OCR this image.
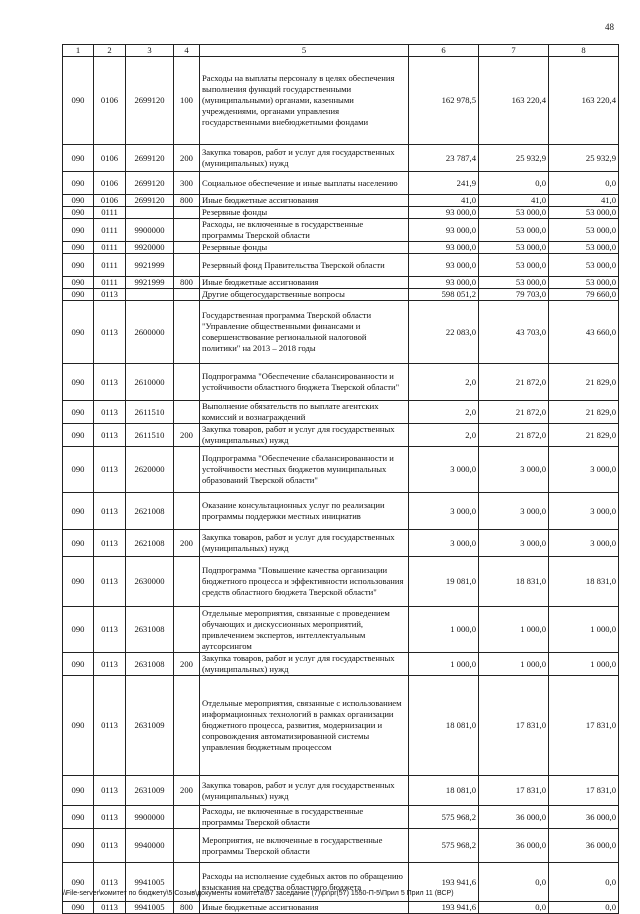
48
1	2	3	4	5	6	7	8
090	0106	2699120	100	Расходы на выплаты персоналу в целях обеспечения выполнения функций государственными (муниципальными) органами, казенными учреждениями, органами управления государственными внебюджетными фондами	162 978,5	163 220,4	163 220,4
090	0106	2699120	200	Закупка товаров, работ и услуг для государственных (муниципальных) нужд	23 787,4	25 932,9	25 932,9
090	0106	2699120	300	Социальное обеспечение и иные выплаты населению	241,9	0,0	0,0
090	0106	2699120	800	Иные бюджетные ассигнования	41,0	41,0	41,0
090	0111			Резервные фонды	93 000,0	53 000,0	53 000,0
090	0111	9900000		Расходы, не включенные в государственные программы Тверской области	93 000,0	53 000,0	53 000,0
090	0111	9920000		Резервные фонды	93 000,0	53 000,0	53 000,0
090	0111	9921999		Резервный фонд Правительства Тверской области	93 000,0	53 000,0	53 000,0
090	0111	9921999	800	Иные бюджетные ассигнования	93 000,0	53 000,0	53 000,0
090	0113			Другие общегосударственные вопросы	598 051,2	79 703,0	79 660,0
090	0113	2600000		Государственная программа Тверской области "Управление общественными финансами и совершенствование региональной налоговой политики" на 2013 – 2018 годы	22 083,0	43 703,0	43 660,0
090	0113	2610000		Подпрограмма "Обеспечение сбалансированности и устойчивости областного бюджета Тверской области"	2,0	21 872,0	21 829,0
090	0113	2611510		Выполнение обязательств по выплате агентских комиссий и вознаграждений	2,0	21 872,0	21 829,0
090	0113	2611510	200	Закупка товаров, работ и услуг для государственных (муниципальных) нужд	2,0	21 872,0	21 829,0
090	0113	2620000		Подпрограмма "Обеспечение сбалансированности и устойчивости местных бюджетов муниципальных образований Тверской области"	3 000,0	3 000,0	3 000,0
090	0113	2621008		Оказание консультационных услуг по реализации программы поддержки местных инициатив	3 000,0	3 000,0	3 000,0
090	0113	2621008	200	Закупка товаров, работ и услуг для государственных (муниципальных) нужд	3 000,0	3 000,0	3 000,0
090	0113	2630000		Подпрограмма "Повышение качества организации бюджетного процесса и эффективности использования средств областного бюджета Тверской области"	19 081,0	18 831,0	18 831,0
090	0113	2631008		Отдельные мероприятия, связанные с проведением обучающих и дискуссионных мероприятий, привлечением экспертов, интеллектуальным аутсорсингом	1 000,0	1 000,0	1 000,0
090	0113	2631008	200	Закупка товаров, работ и услуг для государственных (муниципальных) нужд	1 000,0	1 000,0	1 000,0
090	0113	2631009		Отдельные мероприятия, связанные с использованием информационных технологий в рамках организации бюджетного процесса, развития, модернизации и сопровождения автоматизированной системы управления бюджетным процессом	18 081,0	17 831,0	17 831,0
090	0113	2631009	200	Закупка товаров, работ и услуг для государственных (муниципальных) нужд	18 081,0	17 831,0	17 831,0
090	0113	9900000		Расходы, не включенные в государственные программы Тверской области	575 968,2	36 000,0	36 000,0
090	0113	9940000		Мероприятия, не включенные в государственные программы Тверской области	575 968,2	36 000,0	36 000,0
090	0113	9941005		Расходы на исполнение судебных актов по обращению взыскания на средства областного бюджета	193 941,6	0,0	0,0
090	0113	9941005	800	Иные бюджетные ассигнования	193 941,6	0,0	0,0
\\File-server\комитет по бюджету\5 Созыв\документы комитета\57 заседание (7)\pr\pr(57) 1550-П-5\Прил 5 Прил 11 (ВСР)
